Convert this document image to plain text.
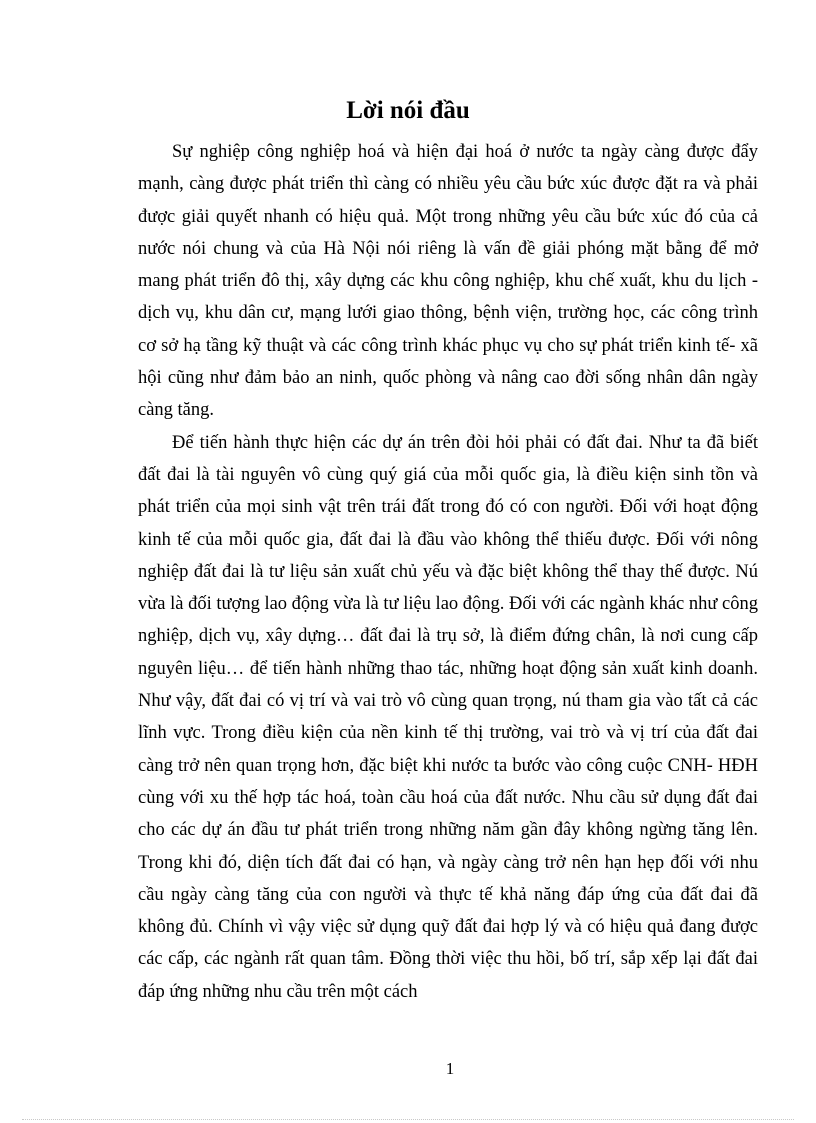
Lời nói đầu

Sự nghiệp công nghiệp hoá và hiện đại hoá ở nước ta ngày càng được đẩy mạnh, càng được phát triển thì càng có nhiều yêu cầu bức xúc được đặt ra và phải được giải quyết nhanh có hiệu quả. Một trong những yêu cầu bức xúc đó của cả nước nói chung và của Hà Nội nói riêng là vấn đề giải phóng mặt bằng để mở mang phát triển đô thị, xây dựng các khu công nghiệp, khu chế xuất, khu du lịch - dịch vụ, khu dân cư, mạng lưới giao thông, bệnh viện, trường học, các công trình cơ sở hạ tầng kỹ thuật và các công trình khác phục vụ cho sự phát triển kinh tế- xã hội cũng như đảm bảo an ninh, quốc phòng và nâng cao đời sống nhân dân ngày càng tăng.

Để tiến hành thực hiện các dự án trên đòi hỏi phải có đất đai. Như ta đã biết đất đai là tài nguyên vô cùng quý giá của mỗi quốc gia, là điều kiện sinh tồn và phát triển của mọi sinh vật trên trái đất trong đó có con người. Đối với hoạt động kinh tế của mỗi quốc gia, đất đai là đầu vào không thể thiếu được. Đối với nông nghiệp đất đai là tư liệu sản xuất chủ yếu và đặc biệt không thể thay thế được. Nú vừa là đối tượng lao động vừa là tư liệu lao động. Đối với các ngành khác như công nghiệp, dịch vụ, xây dựng… đất đai là trụ sở, là điểm đứng chân, là nơi cung cấp nguyên liệu… để tiến hành những thao tác, những hoạt động sản xuất kinh doanh. Như vậy, đất đai có vị trí và vai trò vô cùng quan trọng, nú tham gia vào tất cả các lĩnh vực. Trong điều kiện của nền kinh tế thị trường, vai trò và vị trí của đất đai càng trở nên quan trọng hơn, đặc biệt khi nước ta bước vào công cuộc CNH- HĐH cùng với xu thế hợp tác hoá, toàn cầu hoá của đất nước. Nhu cầu sử dụng đất đai cho các dự án đầu tư phát triển trong những năm gần đây không ngừng tăng lên. Trong khi đó, diện tích đất đai có hạn, và ngày càng trở nên hạn hẹp đối với nhu cầu ngày càng tăng của con người và thực tế khả năng đáp ứng của đất đai đã không đủ. Chính vì vậy việc sử dụng quỹ đất đai hợp lý và có hiệu quả đang được các cấp, các ngành rất quan tâm. Đồng thời việc thu hồi, bố trí, sắp xếp lại đất đai đáp ứng những nhu cầu trên một cách

1
